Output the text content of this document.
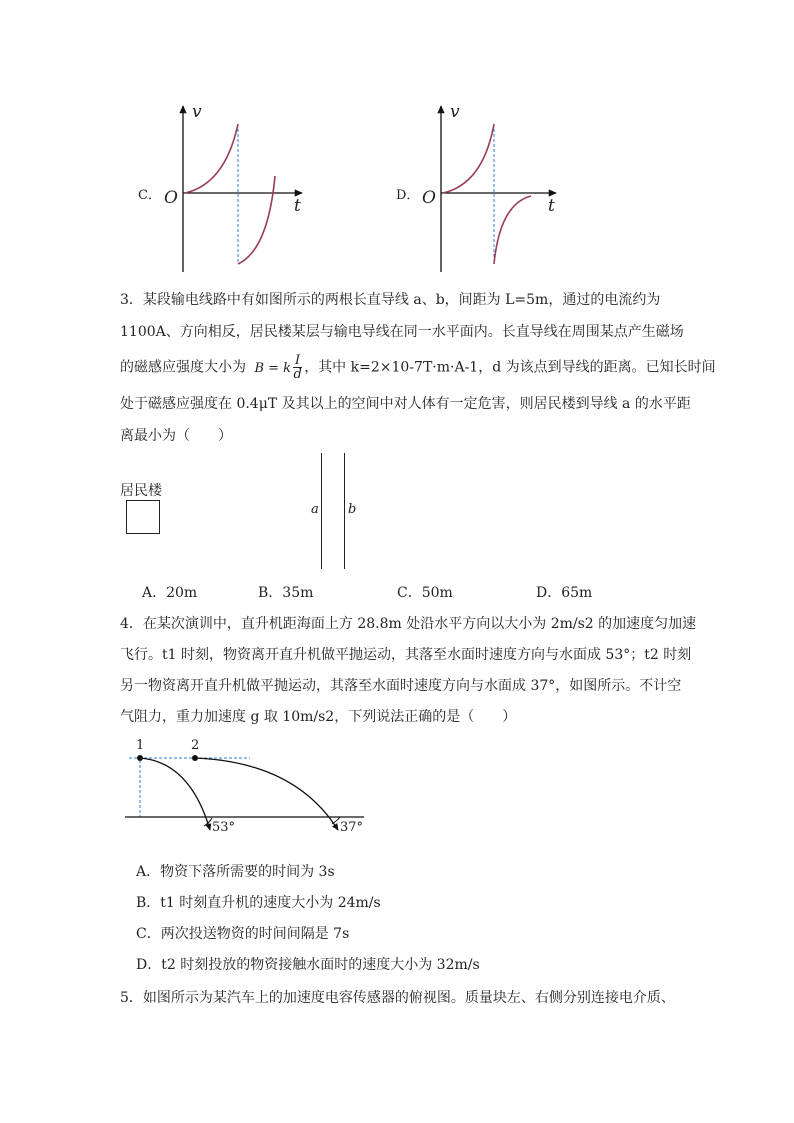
C．
v
O	t
D．
v
O	t
3．某段输电线路中有如图所示的两根长直导线 a、b，间距为 L=5m，通过的电流约为
1100A、方向相反，居民楼某层与输电导线在同一水平面内。长直导线在周围某点产生磁场
的磁感应强度大小为 B = k $\frac{I}{d}$ ，其中 k=2×10-7T·m·A-1，d 为该点到导线的距离。已知长时间
处于磁感应强度在 0.4μT 及其以上的空间中对人体有一定危害，则居民楼到导线 a 的水平距
离最小为（　　）
居民楼
a b
A．20m	B．35m	C．50m	D．65m
4．在某次演训中，直升机距海面上方 28.8m 处沿水平方向以大小为 2m/s2 的加速度匀加速
飞行。t1 时刻，物资离开直升机做平抛运动，其落至水面时速度方向与水面成 53°；t2 时刻
另一物资离开直升机做平抛运动，其落至水面时速度方向与水面成 37°，如图所示。不计空
气阻力，重力加速度 g 取 10m/s2，下列说法正确的是（　　）
1	2
53°	37°
A．物资下落所需要的时间为 3s
B．t1 时刻直升机的速度大小为 24m/s
C．两次投送物资的时间间隔是 7s
D．t2 时刻投放的物资接触水面时的速度大小为 32m/s
5．如图所示为某汽车上的加速度电容传感器的俯视图。质量块左、右侧分别连接电介质、
